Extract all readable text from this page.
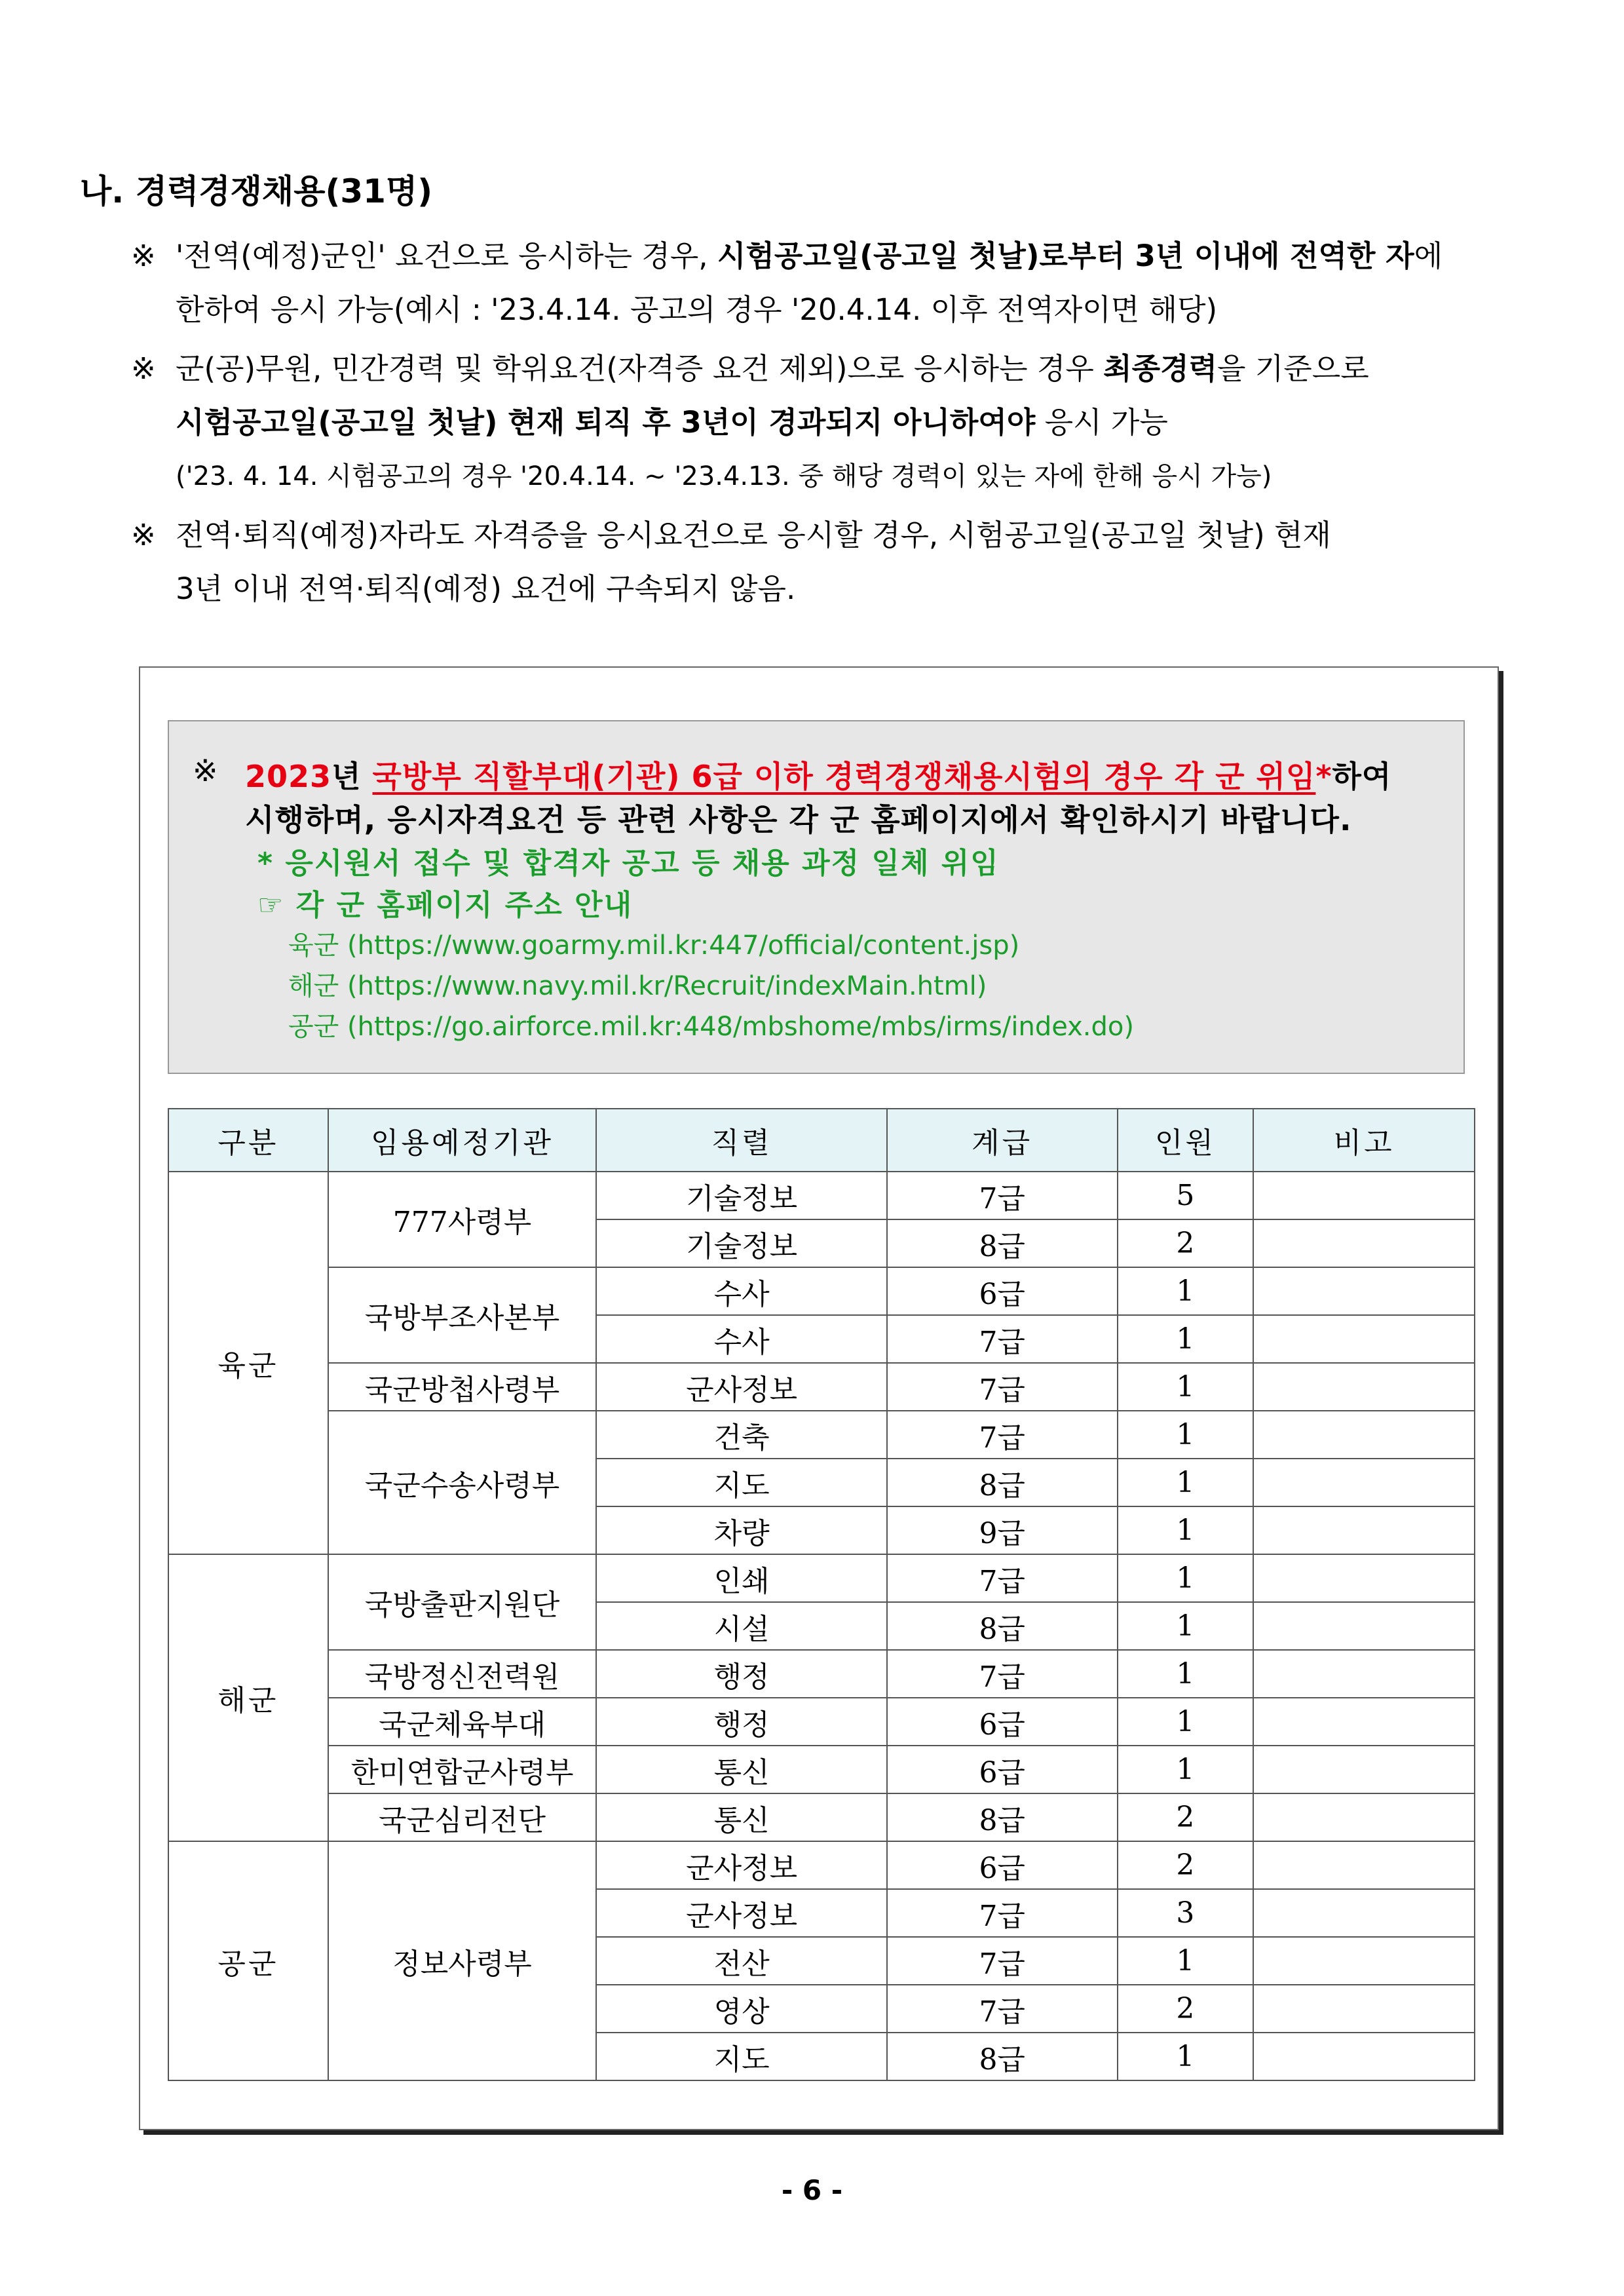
나. 경력경쟁채용(31명)
※ '전역(예정)군인' 요건으로 응시하는 경우, 시험공고일(공고일 첫날)로부터 3년 이내에 전역한 자에
한하여 응시 가능(예시 : '23.4.14. 공고의 경우 '20.4.14. 이후 전역자이면 해당)
※ 군(공)무원, 민간경력 및 학위요건(자격증 요건 제외)으로 응시하는 경우 최종경력을 기준으로
시험공고일(공고일 첫날) 현재 퇴직 후 3년이 경과되지 아니하여야 응시 가능
('23. 4. 14. 시험공고의 경우 '20.4.14. ~ '23.4.13. 중 해당 경력이 있는 자에 한해 응시 가능)
※ 전역·퇴직(예정)자라도 자격증을 응시요건으로 응시할 경우, 시험공고일(공고일 첫날) 현재
3년 이내 전역·퇴직(예정) 요건에 구속되지 않음.
※ 2023년 국방부 직할부대(기관) 6급 이하 경력경쟁채용시험의 경우 각 군 위임*하여
시행하며, 응시자격요건 등 관련 사항은 각 군 홈페이지에서 확인하시기 바랍니다.
* 응시원서 접수 및 합격자 공고 등 채용 과정 일체 위임
☞ 각 군 홈페이지 주소 안내
육군 (https://www.goarmy.mil.kr:447/official/content.jsp)
해군 (https://www.navy.mil.kr/Recruit/indexMain.html)
공군 (https://go.airforce.mil.kr:448/mbshome/mbs/irms/index.do)
구분	임용예정기관	직렬	계급	인원	비고
육군	777사령부	기술정보	7급	5	
		기술정보	8급	2	
	국방부조사본부	수사	6급	1	
		수사	7급	1	
	국군방첩사령부	군사정보	7급	1	
	국군수송사령부	건축	7급	1	
		지도	8급	1	
		차량	9급	1	
해군	국방출판지원단	인쇄	7급	1	
		시설	8급	1	
	국방정신전력원	행정	7급	1	
	국군체육부대	행정	6급	1	
	한미연합군사령부	통신	6급	1	
	국군심리전단	통신	8급	2	
공군	정보사령부	군사정보	6급	2	
		군사정보	7급	3	
		전산	7급	1	
		영상	7급	2	
		지도	8급	1	
- 6 -
